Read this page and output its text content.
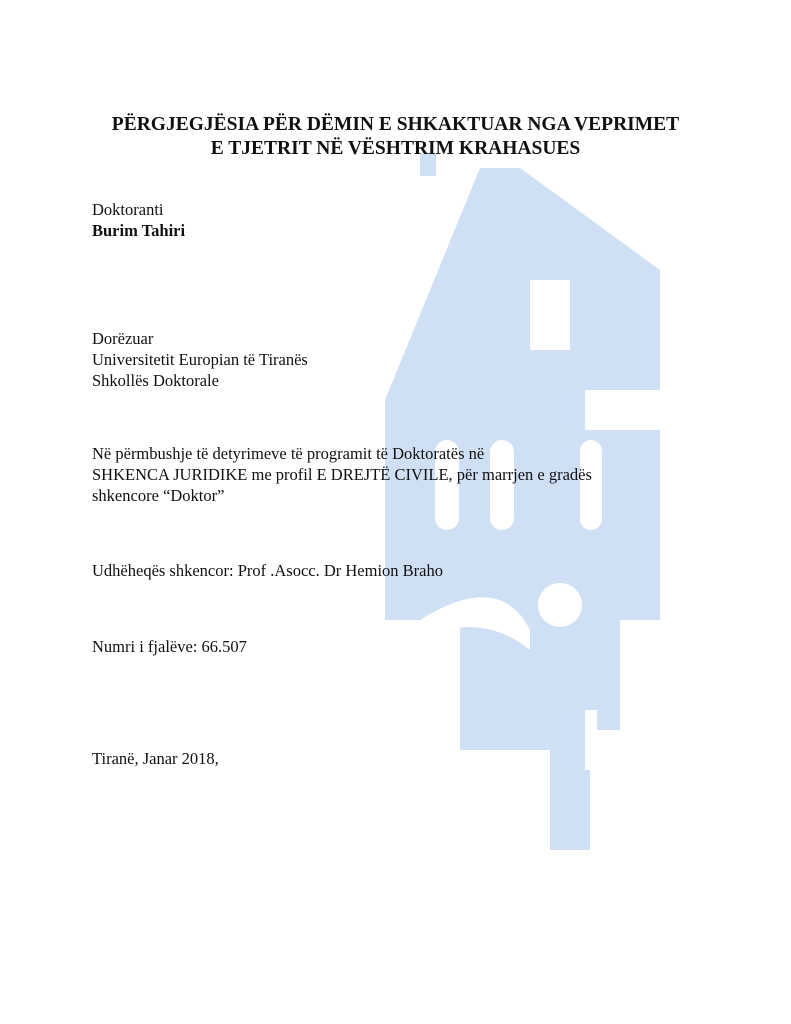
PËRGJEGJËSIA PËR DËMIN E SHKAKTUAR NGA VEPRIMET
E TJETRIT NË VËSHTRIM KRAHASUES
Doktoranti
Burim Tahiri
Dorëzuar
Universitetit Europian të Tiranës
Shkollës Doktorale
Në përmbushje të detyrimeve të programit të Doktoratës në
SHKENCA JURIDIKE me profil E DREJTË CIVILE, për marrjen e gradës
shkencore “Doktor”
Udhëheqës shkencor: Prof .Asocc. Dr Hemion Braho
Numri i fjalëve: 66.507
Tiranë, Janar 2018,
